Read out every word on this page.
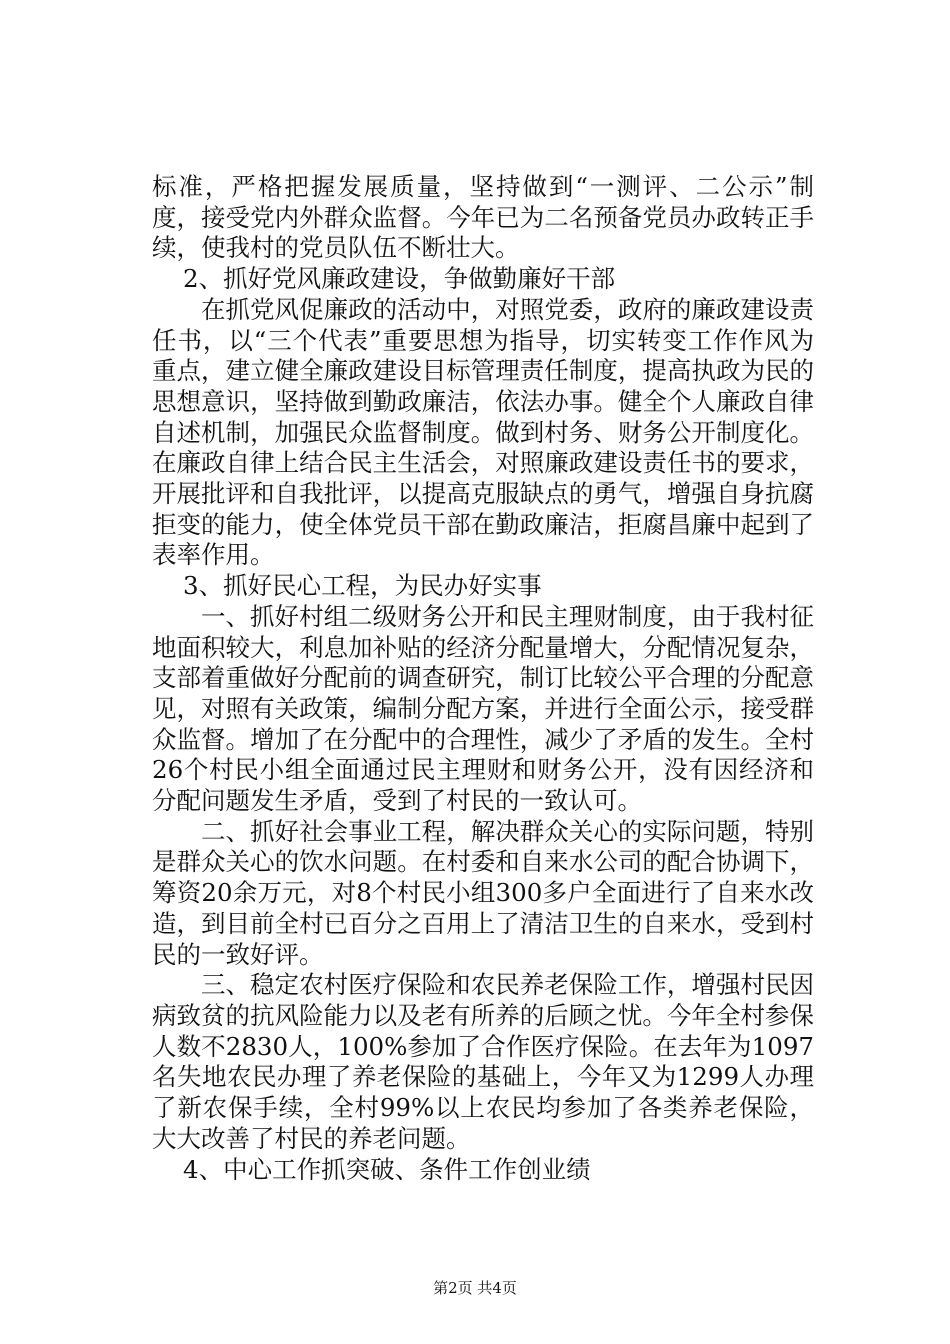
标准，严格把握发展质量，坚持做到“一测评、二公示”制度，接受党内外群众监督。今年已为二名预备党员办政转正手续，使我村的党员队伍不断壮大。

2、抓好党风廉政建设，争做勤廉好干部

在抓党风促廉政的活动中，对照党委，政府的廉政建设责任书，以“三个代表”重要思想为指导，切实转变工作作风为重点，建立健全廉政建设目标管理责任制度，提高执政为民的思想意识，坚持做到勤政廉洁，依法办事。健全个人廉政自律自述机制，加强民众监督制度。做到村务、财务公开制度化。在廉政自律上结合民主生活会，对照廉政建设责任书的要求，开展批评和自我批评，以提高克服缺点的勇气，增强自身抗腐拒变的能力，使全体党员干部在勤政廉洁，拒腐昌廉中起到了表率作用。

3、抓好民心工程，为民办好实事

一、抓好村组二级财务公开和民主理财制度，由于我村征地面积较大，利息加补贴的经济分配量增大，分配情况复杂，支部着重做好分配前的调查研究，制订比较公平合理的分配意见，对照有关政策，编制分配方案，并进行全面公示，接受群众监督。增加了在分配中的合理性，减少了矛盾的发生。全村26个村民小组全面通过民主理财和财务公开，没有因经济和分配问题发生矛盾，受到了村民的一致认可。

二、抓好社会事业工程，解决群众关心的实际问题，特别是群众关心的饮水问题。在村委和自来水公司的配合协调下，筹资20余万元，对8个村民小组300多户全面进行了自来水改造，到目前全村已百分之百用上了清洁卫生的自来水，受到村民的一致好评。

三、稳定农村医疗保险和农民养老保险工作，增强村民因病致贫的抗风险能力以及老有所养的后顾之忧。今年全村参保人数不2830人，100%参加了合作医疗保险。在去年为1097名失地农民办理了养老保险的基础上，今年又为1299人办理了新农保手续，全村99%以上农民均参加了各类养老保险，大大改善了村民的养老问题。

4、中心工作抓突破、条件工作创业绩

第2页 共4页
